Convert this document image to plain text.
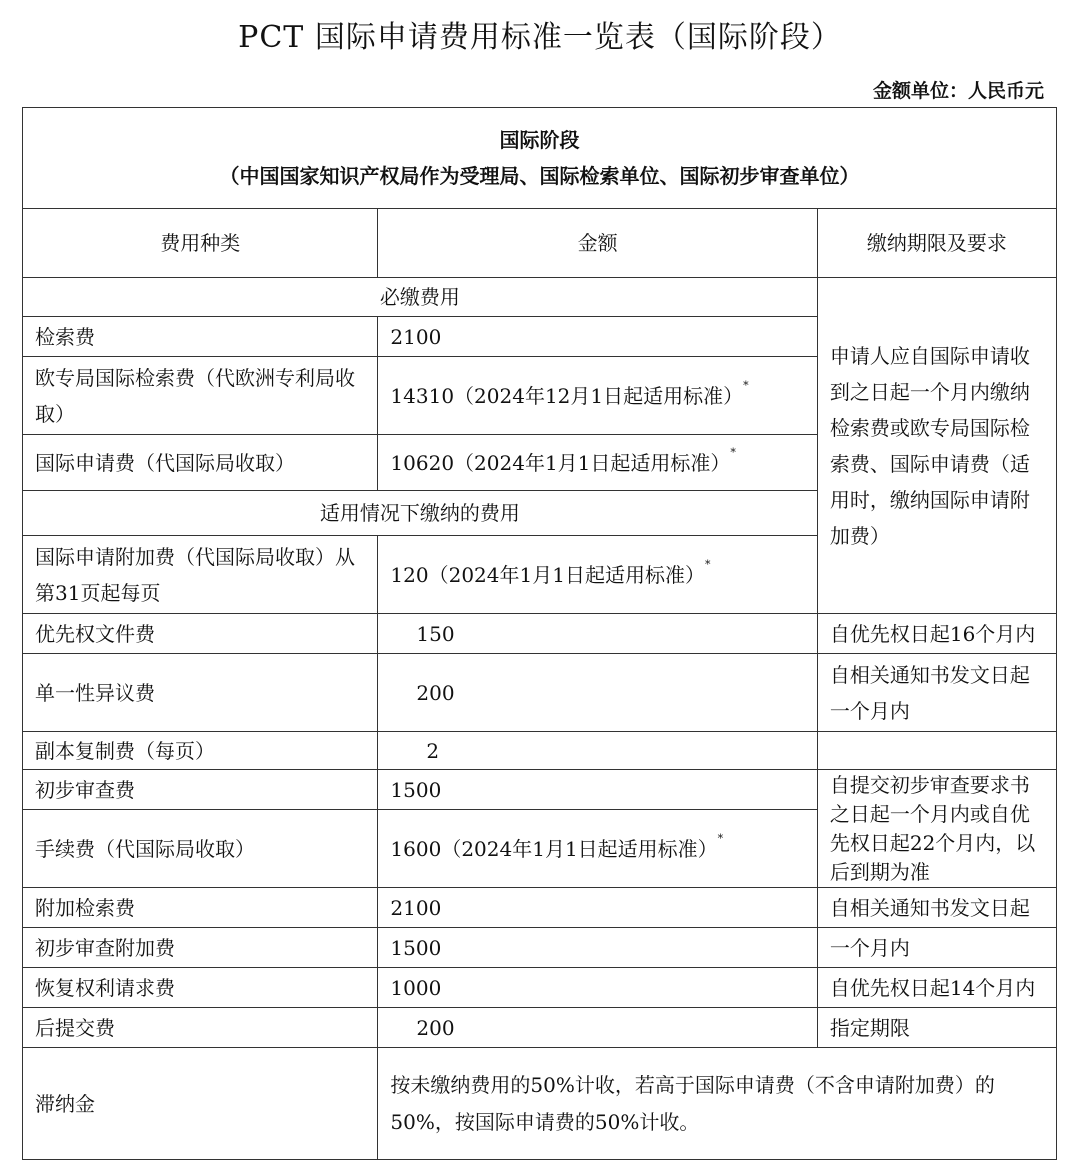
PCT 国际申请费用标准一览表（国际阶段）
金额单位：人民币元
国际阶段
（中国国家知识产权局作为受理局、国际检索单位、国际初步审查单位）		

费用种类	金额	缴纳期限及要求
必缴费用		申请人应自国际申请收到之日起一个月内缴纳检索费或欧专局国际检索费、国际申请费（适用时，缴纳国际申请附加费）
检索费	2100	
欧专局国际检索费（代欧洲专利局收取）	14310（2024年12月1日起适用标准）*
国际申请费（代国际局收取）	10620（2024年1月1日起适用标准）*
适用情况下缴纳的费用		
国际申请附加费（代国际局收取）从第31页起每页	120（2024年1月1日起适用标准）*
优先权文件费	150	自优先权日起16个月内
单一性异议费	200	自相关通知书发文日起一个月内
副本复制费（每页）	2	
初步审查费	1500	自提交初步审查要求书之日起一个月内或自优先权日起22个月内，以后到期为准
手续费（代国际局收取）	1600（2024年1月1日起适用标准）*
附加检索费	2100	自相关通知书发文日起
初步审查附加费	1500	一个月内
恢复权利请求费	1000	自优先权日起14个月内
后提交费	200	指定期限
滞纳金	按未缴纳费用的50%计收，若高于国际申请费（不含申请附加费）的50%，按国际申请费的50%计收。	
